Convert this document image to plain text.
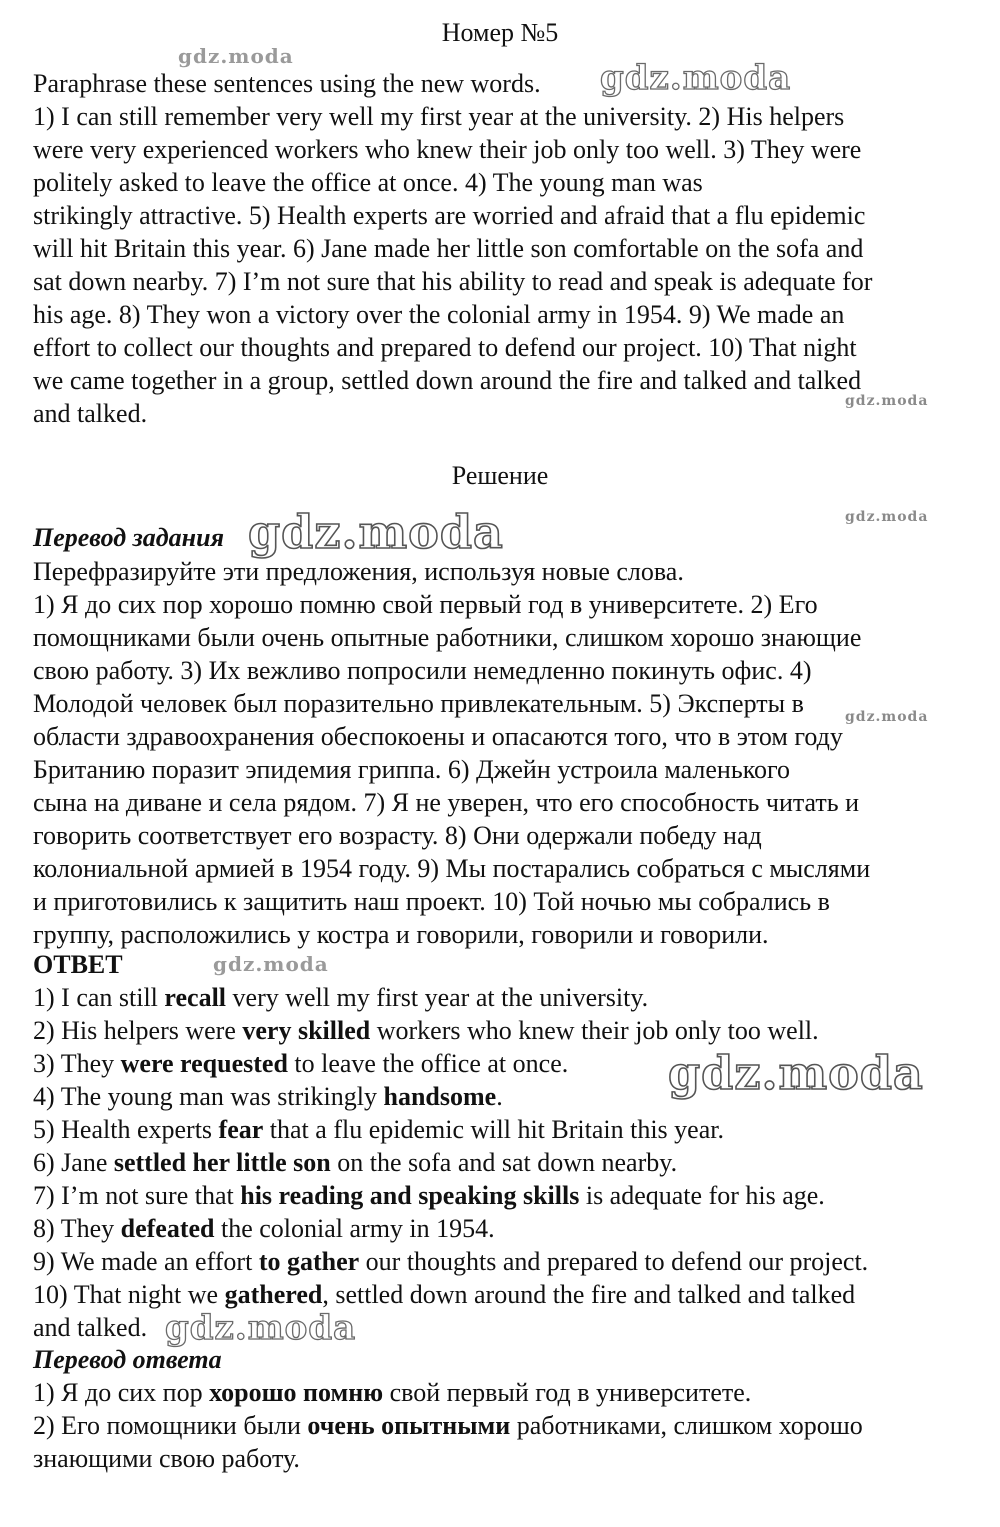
Номер №5
Paraphrase these sentences using the new words.
1) I can still remember very well my first year at the university. 2) His helpers
were very experienced workers who knew their job only too well. 3) They were
politely asked to leave the office at once. 4) The young man was
strikingly attractive. 5) Health experts are worried and afraid that a flu epidemic
will hit Britain this year. 6) Jane made her little son comfortable on the sofa and
sat down nearby. 7) I’m not sure that his ability to read and speak is adequate for
his age. 8) They won a victory over the colonial army in 1954. 9) We made an
effort to collect our thoughts and prepared to defend our project. 10) That night
we came together in a group, settled down around the fire and talked and talked
and talked.
Решение
Перевод задания
Перефразируйте эти предложения, используя новые слова.
1) Я до сих пор хорошо помню свой первый год в университете. 2) Его
помощниками были очень опытные работники, слишком хорошо знающие
свою работу. 3) Их вежливо попросили немедленно покинуть офис. 4)
Молодой человек был поразительно привлекательным. 5) Эксперты в
области здравоохранения обеспокоены и опасаются того, что в этом году
Британию поразит эпидемия гриппа. 6) Джейн устроила маленького
сына на диване и села рядом. 7) Я не уверен, что его способность читать и
говорить соответствует его возрасту. 8) Они одержали победу над
колониальной армией в 1954 году. 9) Мы постарались собраться с мыслями
и приготовились к защитить наш проект. 10) Той ночью мы собрались в
группу, расположились у костра и говорили, говорили и говорили.
ОТВЕТ
1) I can still recall very well my first year at the university.
2) His helpers were very skilled workers who knew their job only too well.
3) They were requested to leave the office at once.
4) The young man was strikingly handsome.
5) Health experts fear that a flu epidemic will hit Britain this year.
6) Jane settled her little son on the sofa and sat down nearby.
7) I’m not sure that his reading and speaking skills is adequate for his age.
8) They defeated the colonial army in 1954.
9) We made an effort to gather our thoughts and prepared to defend our project.
10) That night we gathered, settled down around the fire and talked and talked
and talked.
Перевод ответа
1) Я до сих пор хорошо помню свой первый год в университете.
2) Его помощники были очень опытными работниками, слишком хорошо
знающими свою работу.
gdz.moda
gdz.moda
gdz.moda
gdz.moda
gdz.moda
gdz.moda
gdz.moda
gdz.moda
gdz.moda
